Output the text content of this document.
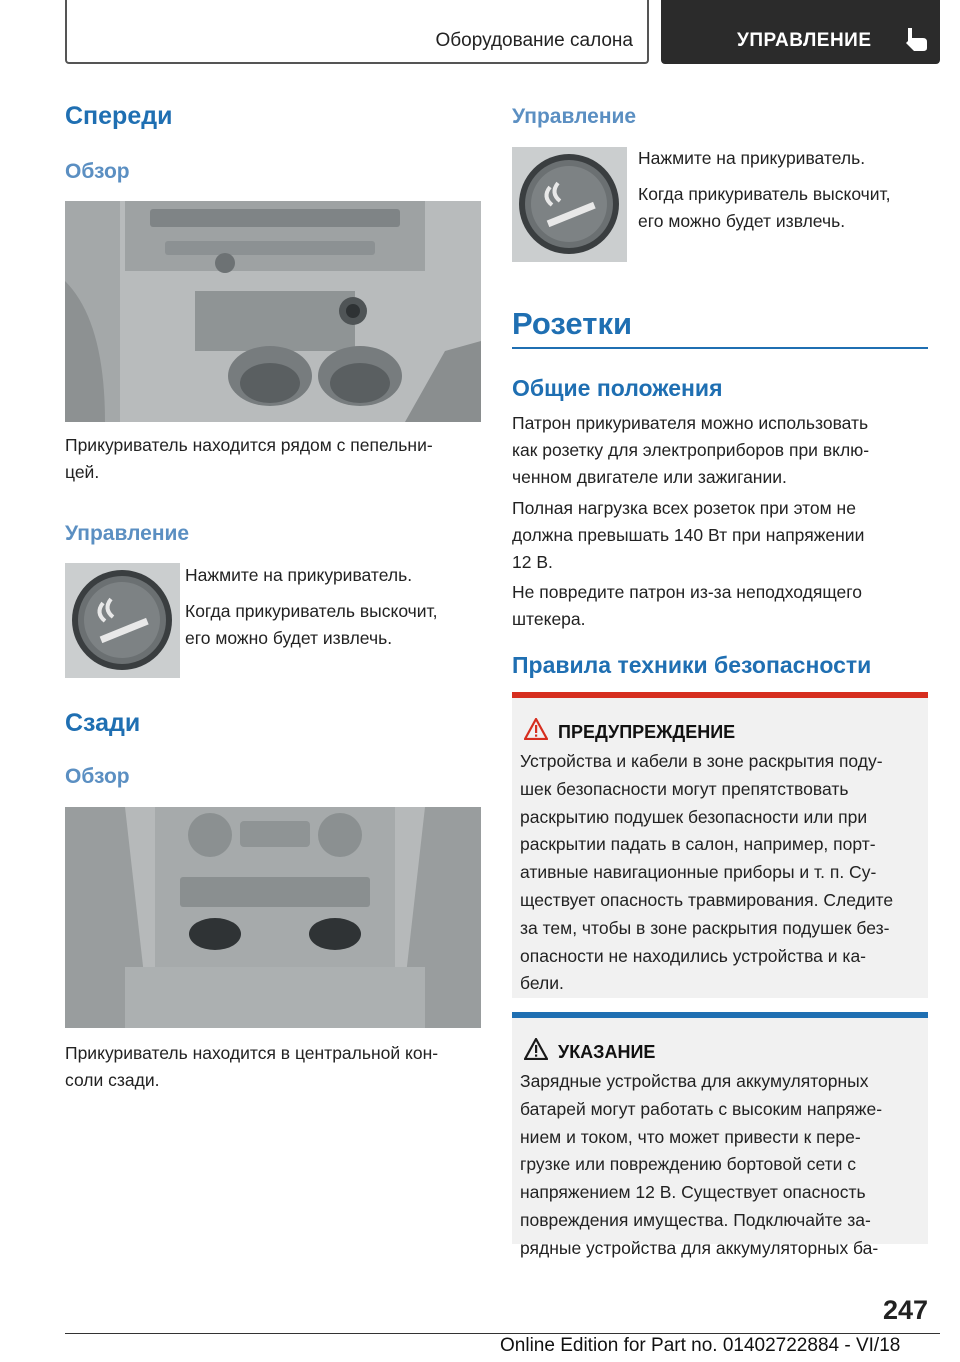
Оборудование салона	УПРАВЛЕНИЕ
Спереди
Обзор
Прикуриватель находится рядом с пепельни‐
цей.
Управление
Нажмите на прикуриватель.
Когда прикуриватель выскочит,
его можно будет извлечь.
Сзади
Обзор
Прикуриватель находится в центральной кон‐
соли сзади.
Управление
Нажмите на прикуриватель.
Когда прикуриватель выскочит,
его можно будет извлечь.
Розетки
Общие положения
Патрон прикуривателя можно использовать
как розетку для электроприборов при вклю‐
ченном двигателе или зажигании.
Полная нагрузка всех розеток при этом не
должна превышать 140 Вт при напряжении
12 В.
Не повредите патрон из-за неподходящего
штекера.
Правила техники безопасности
ПРЕДУПРЕЖДЕНИЕ
Устройства и кабели в зоне раскрытия поду‐
шек безопасности могут препятствовать
раскрытию подушек безопасности или при
раскрытии падать в салон, например, порт‐
ативные навигационные приборы и т. п. Су‐
ществует опасность травмирования. Следите
за тем, чтобы в зоне раскрытия подушек без‐
опасности не находились устройства и ка‐
бели.
УКАЗАНИЕ
Зарядные устройства для аккумуляторных
батарей могут работать с высоким напряже‐
нием и током, что может привести к пере‐
грузке или повреждению бортовой сети с
напряжением 12 В. Существует опасность
повреждения имущества. Подключайте за‐
рядные устройства для аккумуляторных ба‐
247
Online Edition for Part no. 01402722884 - VI/18
